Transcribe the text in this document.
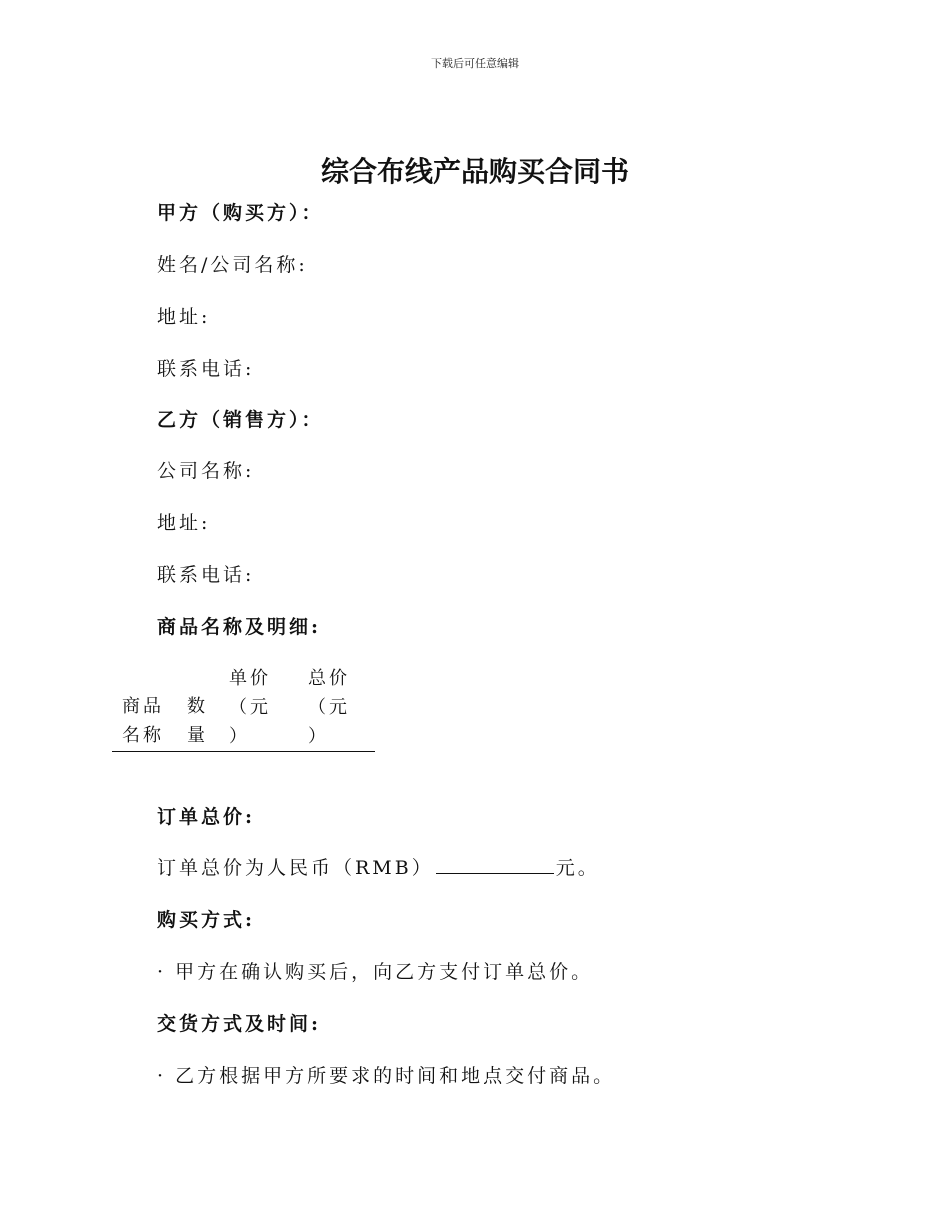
下载后可任意编辑
综合布线产品购买合同书
甲方（购买方）：
姓名/公司名称:
地址:
联系电话:
乙方（销售方）：
公司名称:
地址:
联系电话:
商品名称及明细:
商品
名称
数
量
单价
（元
）
总价
（元
）
订单总价:
订单总价为人民币（RMB）	元。
购买方式:
· 甲方在确认购买后，向乙方支付订单总价。
交货方式及时间:
· 乙方根据甲方所要求的时间和地点交付商品。
